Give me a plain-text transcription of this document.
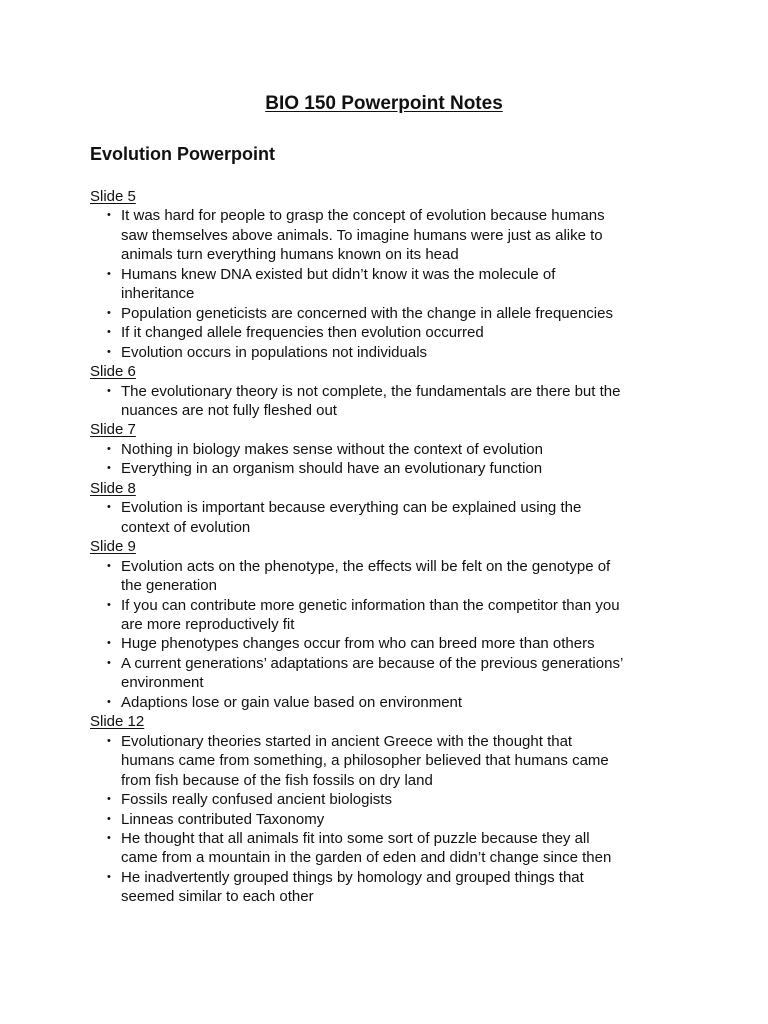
BIO 150 Powerpoint Notes
Evolution Powerpoint
Slide 5
• It was hard for people to grasp the concept of evolution because humans
saw themselves above animals. To imagine humans were just as alike to
animals turn everything humans known on its head
• Humans knew DNA existed but didn’t know it was the molecule of
inheritance
• Population geneticists are concerned with the change in allele frequencies
• If it changed allele frequencies then evolution occurred
• Evolution occurs in populations not individuals
Slide 6
• The evolutionary theory is not complete, the fundamentals are there but the
nuances are not fully fleshed out
Slide 7
• Nothing in biology makes sense without the context of evolution
• Everything in an organism should have an evolutionary function
Slide 8
• Evolution is important because everything can be explained using the
context of evolution
Slide 9
• Evolution acts on the phenotype, the effects will be felt on the genotype of
the generation
• If you can contribute more genetic information than the competitor than you
are more reproductively fit
• Huge phenotypes changes occur from who can breed more than others
• A current generations’ adaptations are because of the previous generations’
environment
• Adaptions lose or gain value based on environment
Slide 12
• Evolutionary theories started in ancient Greece with the thought that
humans came from something, a philosopher believed that humans came
from fish because of the fish fossils on dry land
• Fossils really confused ancient biologists
• Linneas contributed Taxonomy
• He thought that all animals fit into some sort of puzzle because they all
came from a mountain in the garden of eden and didn’t change since then
• He inadvertently grouped things by homology and grouped things that
seemed similar to each other
